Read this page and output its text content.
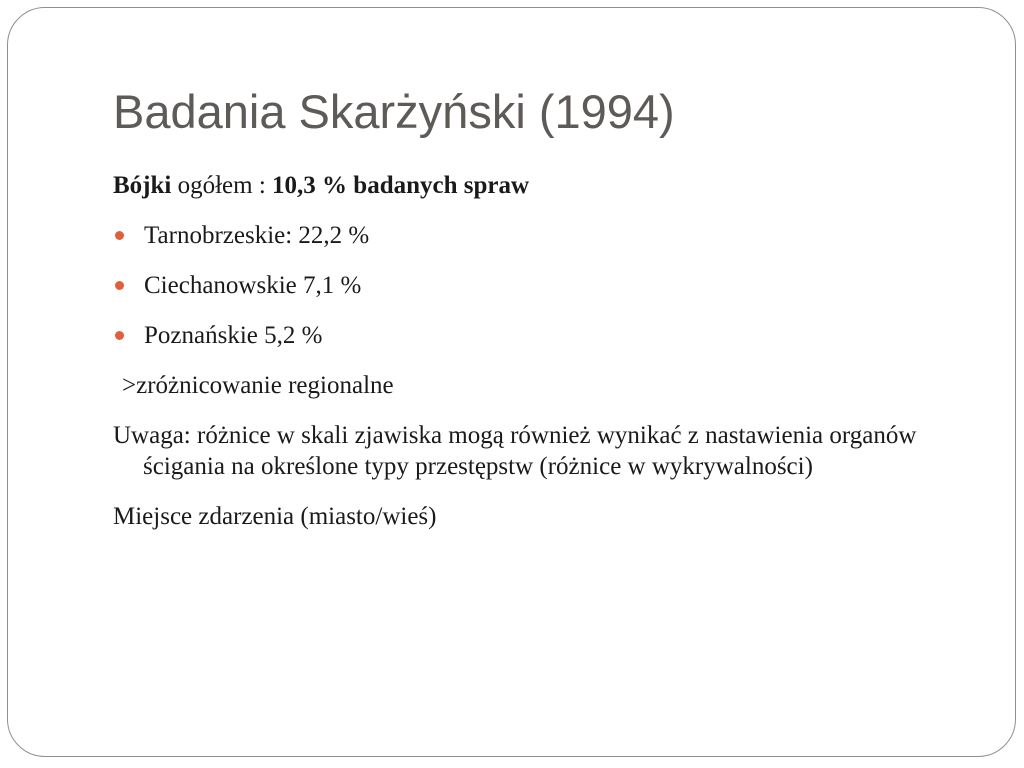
Badania Skarżyński (1994)

Bójki ogółem : 10,3 % badanych spraw

Tarnobrzeskie: 22,2 %
Ciechanowskie 7,1 %
Poznańskie 5,2 %

>zróżnicowanie regionalne

Uwaga: różnice w skali zjawiska mogą również wynikać z nastawienia organów ścigania na określone typy przestępstw (różnice w wykrywalności)

Miejsce zdarzenia (miasto/wieś)
